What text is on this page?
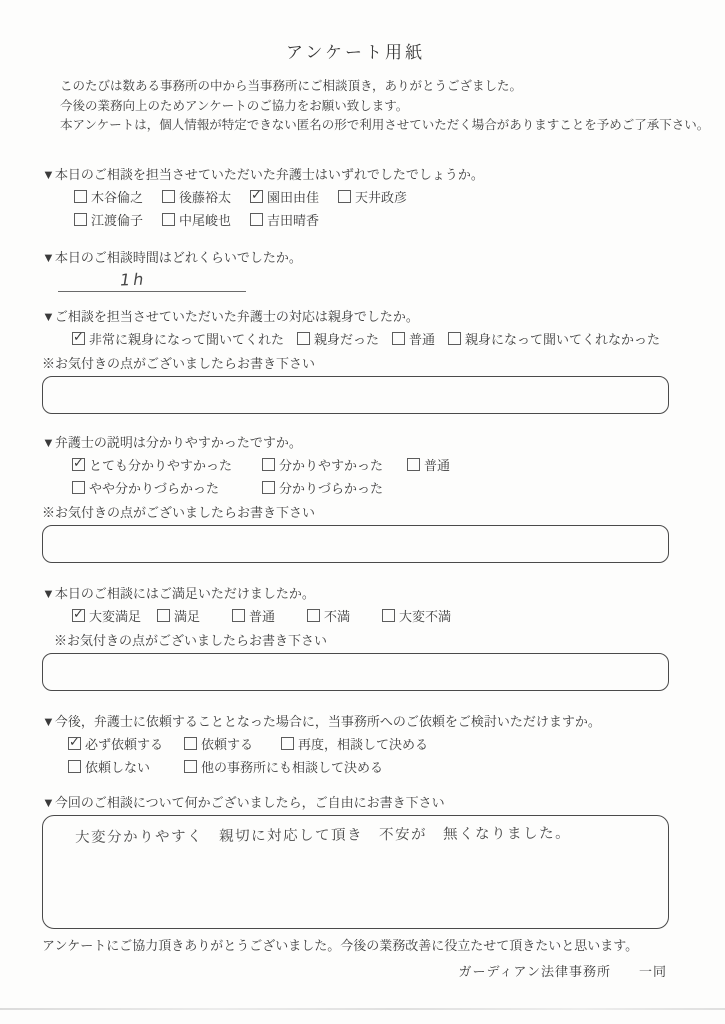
アンケート用紙
このたびは数ある事務所の中から当事務所にご相談頂き，ありがとうござました。
今後の業務向上のためアンケートのご協力をお願い致します。
本アンケートは，個人情報が特定できない匿名の形で利用させていただく場合がありますことを予めご了承下さい。
▼本日のご相談を担当させていただいた弁護士はいずれでしたでしょうか。
木谷倫之	後藤裕太 ✓ 園田由佳	天井政彦
江渡倫子	中尾峻也	吉田晴香
▼本日のご相談時間はどれくらいでしたか。
1h
▼ご相談を担当させていただいた弁護士の対応は親身でしたか。
✓ 非常に親身になって聞いてくれた 親身だった 普通 親身になって聞いてくれなかった
※お気付きの点がございましたらお書き下さい
▼弁護士の説明は分かりやすかったですか。
✓ とても分かりやすかった	分かりやすかった	普通
やや分かりづらかった	分かりづらかった
※お気付きの点がございましたらお書き下さい
▼本日のご相談にはご満足いただけましたか。
✓ 大変満足	満足	普通	不満	大変不満
※お気付きの点がございましたらお書き下さい
▼今後，弁護士に依頼することとなった場合に，当事務所へのご依頼をご検討いただけますか。
✓ 必ず依頼する	依頼する	再度，相談して決める
依頼しない	他の事務所にも相談して決める
▼今回のご相談について何かございましたら，ご自由にお書き下さい
大変分かりやすく　親切に対応して頂き　不安が　無くなりました。
アンケートにご協力頂きありがとうございました。今後の業務改善に役立たせて頂きたいと思います。
ガーディアン法律事務所　　一同
